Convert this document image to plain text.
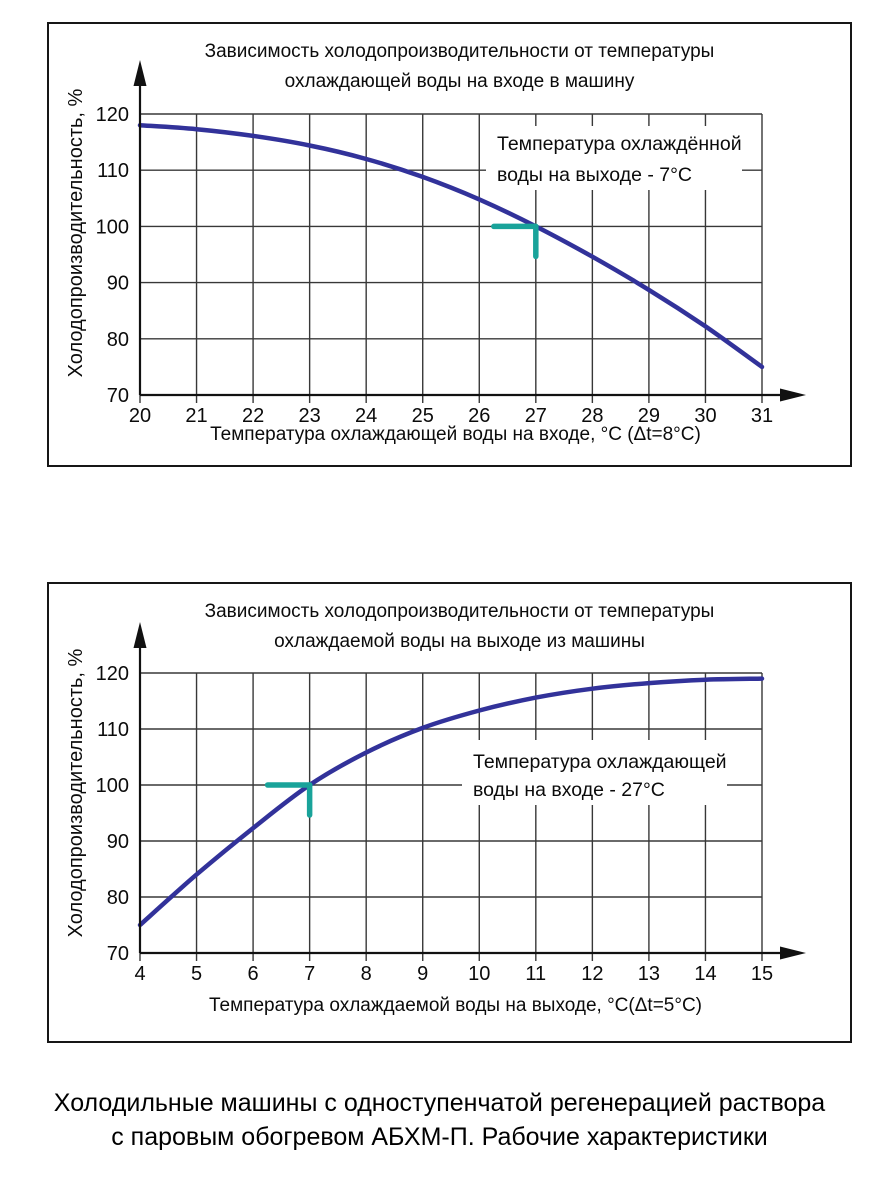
Зависимость холодопроизводительности от температуры
охлаждающей воды на входе в машину
Холодопроизводительность, %	Температура охлаждённой
воды на выходе - 7°С
20 21 22 23 24 25 26 27 28 29 30 31
70
80
90
100
110
120
Температура охлаждающей воды на входе, °С (Δt=8°С)
Зависимость холодопроизводительности от температуры
охлаждаемой воды на выходе из машины
Холодопроизводительность, %	Температура охлаждающей
воды на входе - 27°С
4 5 6 7 8 9 10 11 12 13 14 15
70
80
90
100
110
120
Температура охлаждаемой воды на выходе, °С(Δt=5°С)
Холодильные машины с одноступенчатой регенерацией раствора
с паровым обогревом АБХМ-П. Рабочие характеристики
